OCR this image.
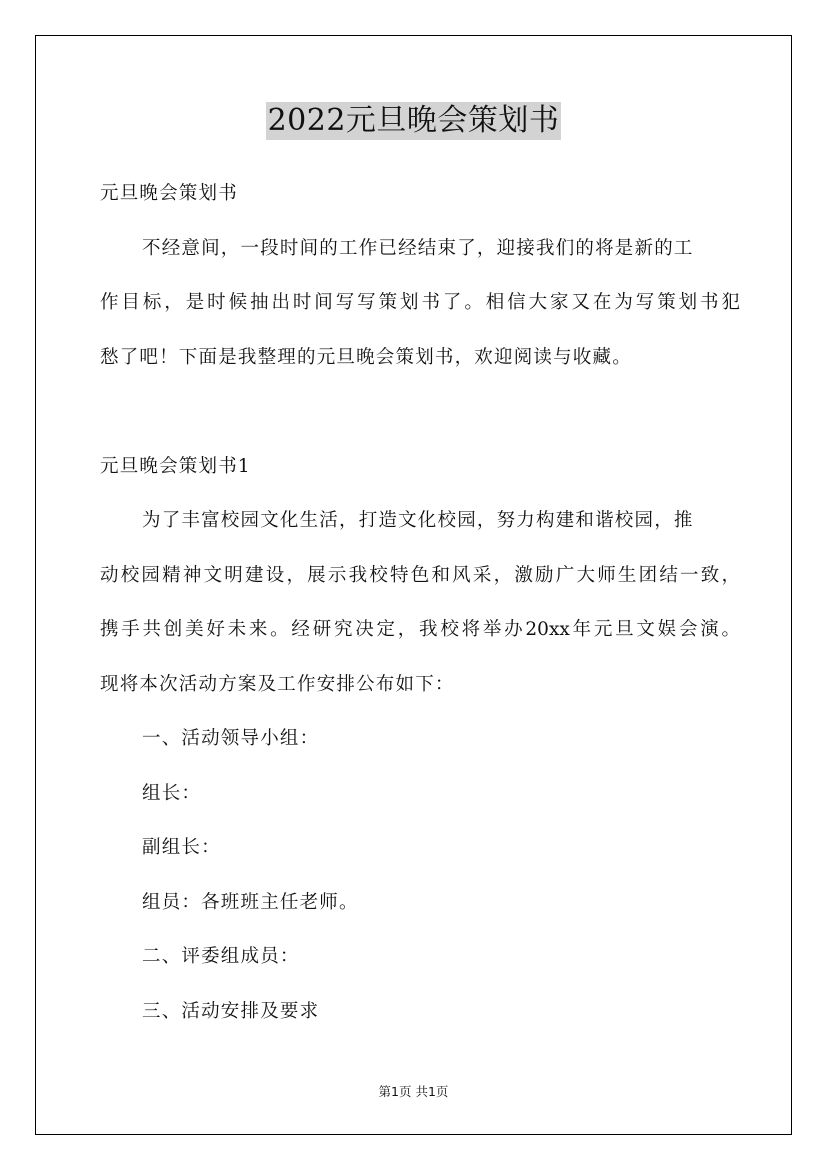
2022元旦晚会策划书
元旦晚会策划书
不经意间，一段时间的工作已经结束了，迎接我们的将是新的工
作目标，是时候抽出时间写写策划书了。相信大家又在为写策划书犯
愁了吧！下面是我整理的元旦晚会策划书，欢迎阅读与收藏。
元旦晚会策划书1
为了丰富校园文化生活，打造文化校园，努力构建和谐校园，推
动校园精神文明建设，展示我校特色和风采，激励广大师生团结一致，
携手共创美好未来。经研究决定，我校将举办20xx年元旦文娱会演。
现将本次活动方案及工作安排公布如下：
一、活动领导小组：
组长：
副组长：
组员：各班班主任老师。
二、评委组成员：
三、活动安排及要求
第1页 共1页
